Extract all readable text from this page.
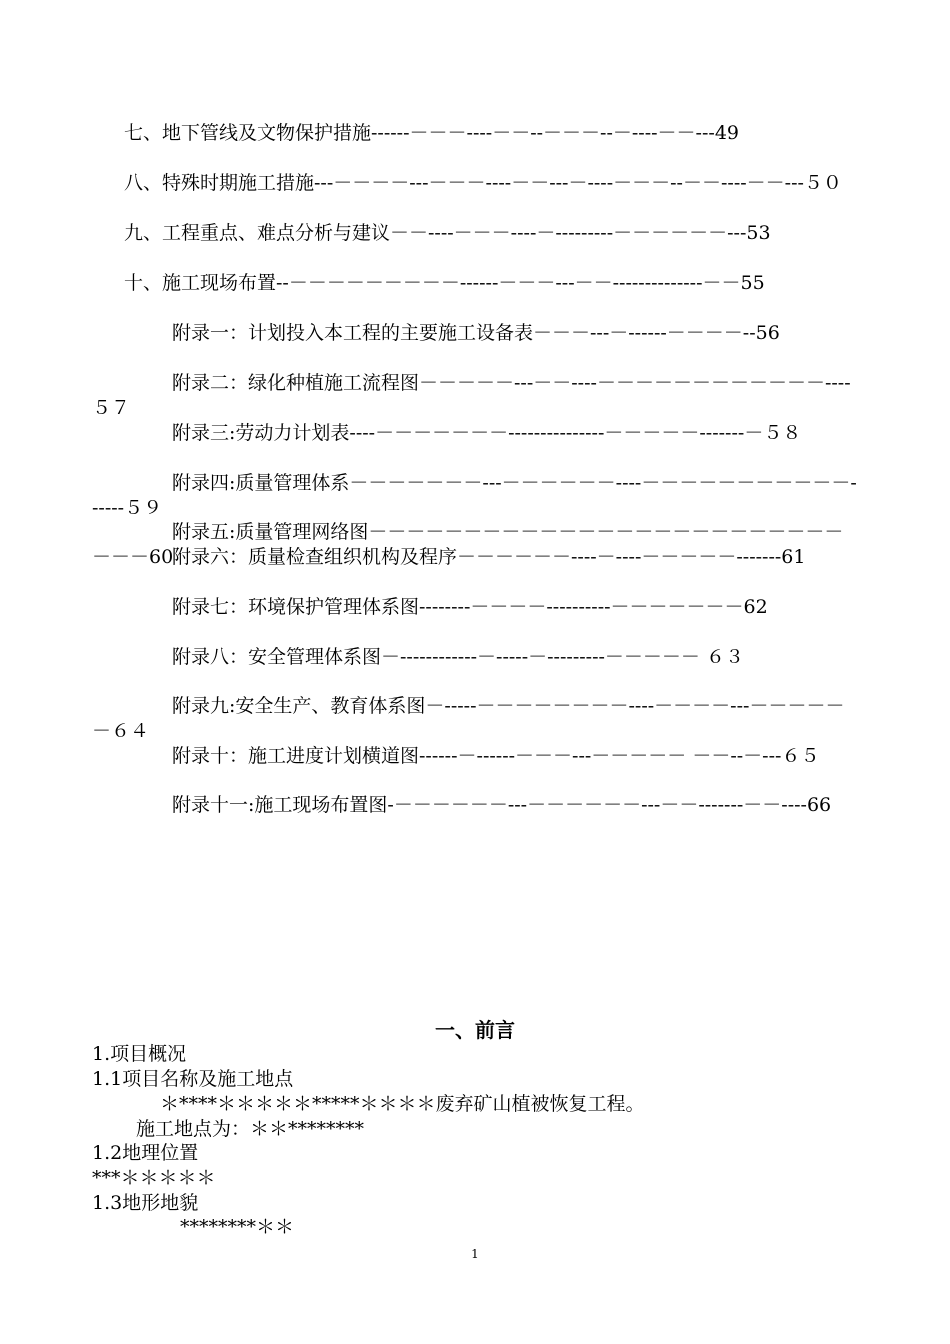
七、地下管线及文物保护措施------－－－----－－--－－－--－----－－---49
八、特殊时期施工措施---－－－－---－－－----－－---－----－－－--－－----－－---５０
九、工程重点、难点分析与建议－－----－－－----－---------－－－－－－---53
十、施工现场布置--－－－－－－－－－------－－－---－－--------------－－55
附录一：计划投入本工程的主要施工设备表－－－---－------－－－－--56
附录二：绿化种植施工流程图－－－－－---－－----－－－－－－－－－－－－----５７
附录三:劳动力计划表----－－－－－－－---------------－－－－－-------－５８
附录四:质量管理体系－－－－－－－---－－－－－－----－－－－－－－－－－－------５９
附录五:质量管理网络图－－－－－－－－－－－－－－－－－－－－－－－－－－－－60
附录六：质量检查组织机构及程序－－－－－－----－----－－－－－-------61
附录七：环境保护管理体系图--------－－－－----------－－－－－－－62
附录八：安全管理体系图－------------－-----－---------－－－－－ ６３
附录九:安全生产、教育体系图－-----－－－－－－－－----－－－－---－－－－－－６４
附录十：施工进度计划横道图------－------－－－---－－－－－ －－--－---６５
附录十一:施工现场布置图-－－－－－－---－－－－－－---－－-------－－----66
一、前言
1.项目概况
1.1项目名称及施工地点
＊****＊＊＊＊＊*****＊＊＊＊废弃矿山植被恢复工程。
施工地点为：＊＊********
1.2地理位置
***＊＊＊＊＊
1.3地形地貌
********＊＊
1
